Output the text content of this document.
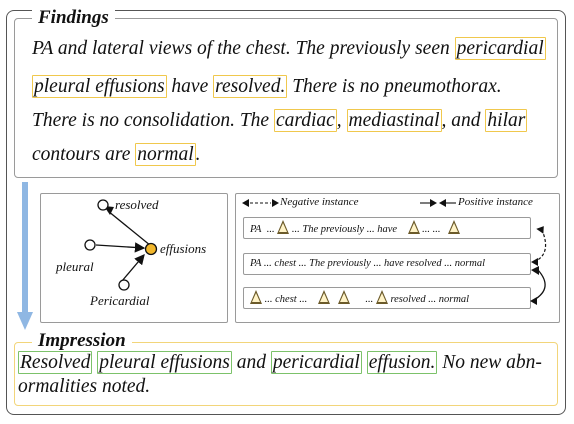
Findings
PA and lateral views of the chest. The previously seen pericardial
pleural effusions have resolved. There is no pneumothorax.
There is no consolidation. The cardiac , mediastinal , and hilar
contours are normal .
resolved
pleural
effusions
Pericardial
Negative instance	Positive instance
PA ... ... The previously ... have ... ...
PA ... chest ... The previously ... have resolved ... normal
... chest ...	... resolved ... normal
Impression
Resolved pleural effusions and pericardial effusion. No new abn-
ormalities noted.
